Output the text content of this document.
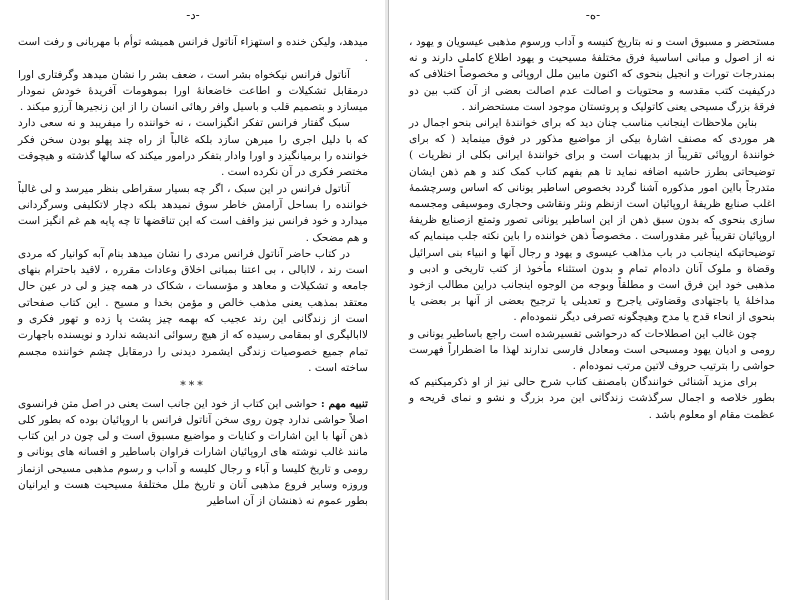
-د-

میدهد، ولیکن خنده و استهزاء آناتول فرانس همیشه توأم با مهربانی و رفت است .

آناتول فرانس نیکخواه بشر است ، ضعف بشر را نشان میدهد وگرفتاری اورا درمقابل تشکیلات و اطاعت خاضعانۀ اورا بموهومات آفریدۀ خودش نمودار میسازد و بتصمیم قلب و باسیل وافر رهائی انسان را از این زنجیرها آرزو میکند .

سبک گفتار فرانس تفکر انگیزاست ، نه خواننده را میفریبد و نه سعی دارد که با دلیل اجری را میرهن سازد بلکه غالباً از راه چند پهلو بودن سخن فکر خواننده را برمیانگیزد و اورا وادار بتفکر درامور میکند که سالها گذشته و هیچوقت مختصر فکری در آن نکرده است .

آناتول فرانس در این سبک ، اگر چه بسیار سقراطی بنظر میرسد و لی غالباً خواننده را بساحل آرامش خاطر سوق نمیدهد بلکه دچار لاتکلیفی وسرگردانی میدارد و خود فرانس نیز واقف است که این تناقضها تا چه پایه هم غم انگیز است و هم مضحک .

در کتاب حاضر آناتول فرانس مردی را نشان میدهد بنام آبه کوانیار که مردی است رند ، لاابالی ، بی اعتنا بمبانی اخلاق وعادات مقرره ، لاقید باحترام بنهای جامعه و تشکیلات و معاهد و مؤسسات ، شکاک در همه چیز و لی در عین حال معتقد بمذهب یعنی مذهب خالص و مؤمن بخدا و مسیح . این کتاب صفحاتی است از زندگانی این رند عجیب که بهمه چیز پشت پا زده و تهور فکری و لاابالیگری او بمقامی رسیده که از هیچ رسوائی اندیشه ندارد و نویسنده باجهارت تمام جمیع خصوصیات زندگی ایشمرد دیدنی را درمقابل چشم خواننده مجسم ساخته است .

***

تنبیه مهم : حواشی این کتاب از خود این جانب است یعنی در اصل متن فرانسوی اصلاً حواشی ندارد چون روی سخن آناتول فرانس با اروپائیان بوده که بطور کلی ذهن آنها با این اشارات و کنایات و مواضیع مسبوق است و لی چون در این کتاب مانند غالب نوشته های اروپائیان اشارات فراوان باساطیر و افسانه های یونانی و رومی و تاریخ کلیسا و آباء و رجال کلیسه و آداب و رسوم مذهبی مسیحی ازنماز وروزه وسایر فروع مذهبی آنان و تاریخ ملل مختلفۀ مسیحیت هست و ایرانیان بطور عموم نه ذهنشان از آن اساطیر

-ه-

مستحضر و مسبوق است و نه بتاریخ کنیسه و آداب ورسوم مذهبی عیسویان و یهود ، نه از اصول و مبانی اساسیۀ فرق مختلفۀ مسیحیت و یهود اطلاع کاملی دارند و نه بمندرجات تورات و انجیل بنحوی که اکنون مابین ملل اروپائی و مخصوصاً اختلافی که درکیفیت کتب مقدسه و محتویات و اصالت عدم اصالت بعضی از آن کتب بین دو فرقۀ بزرگ مسیحی یعنی کاتولیک و پروتستان موجود است مستحضراند .

بناین ملاحظات اینجانب مناسب چنان دید که برای خوانندۀ ایرانی بنحو اجمال در هر موردی که مصنف اشارۀ بیکی از مواضیع مذکور در فوق مینماید ( که برای خوانندۀ اروپائی تقریباً از بدیهیات است و برای خوانندۀ ایرانی بکلی از نظریات ) توضیحاتی بطرز حاشیه اضافه نماید تا هم بفهم کتاب کمک کند و هم ذهن ایشان متدرجاً بااین امور مذکوره آشنا گردد بخصوص اساطیر یونانی که اساس وسرچشمۀ اغلب صنایع ظریفۀ اروپائیان است ازنظم ونثر ونقاشی وحجاری وموسیقی ومجسمه سازی بنحوی که بدون سبق ذهن از این اساطیر یونانی تصور وتمتع ازصنایع ظریفۀ اروپائیان تقریباً غیر مقدوراست . مخصوصاً ذهن خواننده را باین نکته جلب مینمایم که توضیحاتیکه اینجانب در باب مذاهب عیسوی و یهود و رجال آنها و انبیاء بنی اسرائیل وقضاة و ملوک آنان داده‌ام تمام و بدون استثناء مأخوذ از کتب تاریخی و ادبی و مذهبی خود این فرق است و مطلقاً وبوجه من الوجوه اینجانب دراین مطالب ازخود مداخلۀ یا باجتهادی وقضاوتی یاجرح و تعدیلی یا ترجیح بعضی از آنها بر بعضی یا بنحوی از انحاء قدح یا مدح وهیچگونه تصرفی دیگر ننموده‌ام .

چون غالب این اصطلاحات که درحواشی تفسیرشده است راجع باساطیر یونانی و رومی و ادیان یهود ومسیحی است ومعادل فارسی ندارند لهذا ما اضطراراً فهرست حواشی را بترتیب حروف لاتین مرتب نموده‌ام .

برای مزید آشنائی خوانندگان بامصنف کتاب شرح حالی نیز از او ذکرمیکنیم که بطور خلاصه و اجمال سرگذشت زندگانی این مرد بزرگ و نشو و نمای قریحه و عظمت مقام او معلوم باشد .
